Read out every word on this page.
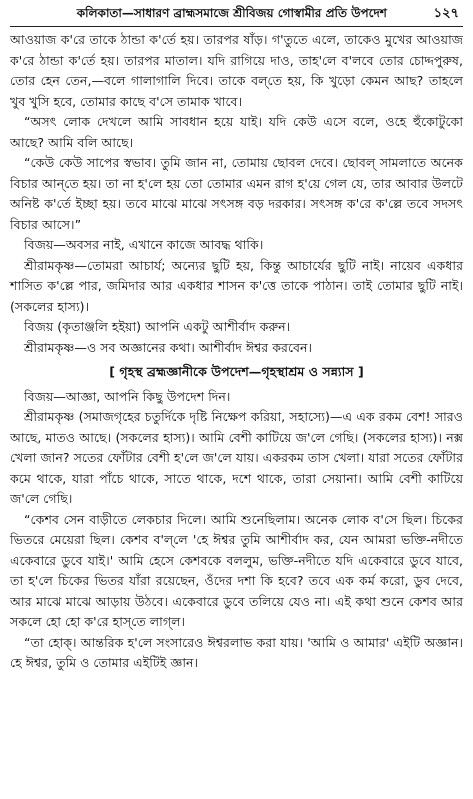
কলিকাতা—সাধারণ ব্রাহ্মসমাজে শ্রীবিজয় গোস্বামীর প্রতি উপদেশ	১২৭

আওয়াজ ক'রে তাকে ঠান্ডা ক'র্তে হয়। তারপর ষাঁড়। গ'তুতে এলে, তাকেও মুখের আওয়াজ ক'রে ঠান্ডা ক'র্তে হয়। তারপর মাতাল। যদি রাগিয়ে দাও, তাহ'লে ব'লবে তোর চোদ্দপুরুষ, তোর হেন তেন,—বলে গালাগালি দিবে। তাকে বল্‌তে হয়, কি খুড়ো কেমন আছ? তাহলে খুব খুসি হবে, তোমার কাছে ব'সে তামাক খাবে।

“অসৎ লোক দেখলে আমি সাবধান হয়ে যাই। যদি কেউ এসে বলে, ওহে হুঁকোটুকো আছে? আমি বলি আছে।

“কেউ কেউ সাপের স্বভাব। তুমি জান না, তোমায় ছোবল দেবে। ছোবল্ সামলাতে অনেক বিচার আন্‌তে হয়। তা না হ'লে হয় তো তোমার এমন রাগ হ'য়ে গেল যে, তার আবার উলটে অনিষ্ট ক'র্তে ইচ্ছা হয়। তবে মাঝে মাঝে সৎসঙ্গ বড় দরকার। সৎসঙ্গ ক'রে ক'ল্লে তবে সদসৎ বিচার আসে।”

বিজয়—অবসর নাই, এখানে কাজে আবদ্ধ থাকি।

শ্রীরামকৃষ্ণ—তোমরা আচার্য; অন্যের ছুটি হয়, কিন্তু আচার্যের ছুটি নাই। নায়েব একধার শাসিত ক'ল্লে পার, জমিদার আর একধার শাসন ক'ত্তে তাকে পাঠান। তাই তোমার ছুটি নাই। (সকলের হাস্য)।

বিজয় (কৃতাঞ্জলি হইয়া) আপনি একটু আশীর্বাদ করুন।

শ্রীরামকৃষ্ণ—ও সব অজ্ঞানের কথা। আশীর্বাদ ঈশ্বর করবেন।

[ গৃহস্থ ব্রহ্মজ্ঞানীকে উপদেশ—গৃহস্থাশ্রম ও সন্ন্যাস ]

বিজয়—আজ্ঞা, আপনি কিছু উপদেশ দিন।

শ্রীরামকৃষ্ণ (সমাজগৃহের চতুর্দিকে দৃষ্টি নিক্ষেপ করিয়া, সহাস্যে)—এ এক রকম বেশ! সারও আছে, মাতও আছে। (সকলের হাস্য)। আমি বেশী কাটিয়ে জ'লে গেছি। (সকলের হাস্য)। নক্স খেলা জান? সতের ফোঁটার বেশী হ'লে জ'লে যায়। একরকম তাস খেলা। যারা সতের ফোঁটার কমে থাকে, যারা পাঁচে থাকে, সাতে থাকে, দশে থাকে, তারা সেয়ানা। আমি বেশী কাটিয়ে জ'লে গেছি।

“কেশব সেন বাড়ীতে লেকচার দিলে। আমি শুনেছিলাম। অনেক লোক ব'সে ছিল। চিকের ভিতরে মেয়েরা ছিল। কেশব ব'ল্‌লে 'হে ঈশ্বর তুমি আশীর্বাদ কর, যেন আমরা ভক্তি-নদীতে একেবারে ডুবে যাই।' আমি হেসে কেশবকে বললুম, ভক্তি-নদীতে যদি একেবারে ডুবে যাবে, তা হ'লে চিকের ভিতর যাঁরা রয়েছেন, ওঁদের দশা কি হবে? তবে এক কর্ম করো, ডুব দেবে, আর মাঝে মাঝে আড়ায় উঠবে। একেবারে ডুবে তলিয়ে যেও না। এই কথা শুনে কেশব আর সকলে হো হো ক'রে হাস্‌তে লাগ্‌ল।

“তা হোক্। আন্তরিক হ'লে সংসারেও ঈশ্বরলাভ করা যায়। 'আমি ও আমার' এইটি অজ্ঞান। হে ঈশ্বর, তুমি ও তোমার এইটিই জ্ঞান।
